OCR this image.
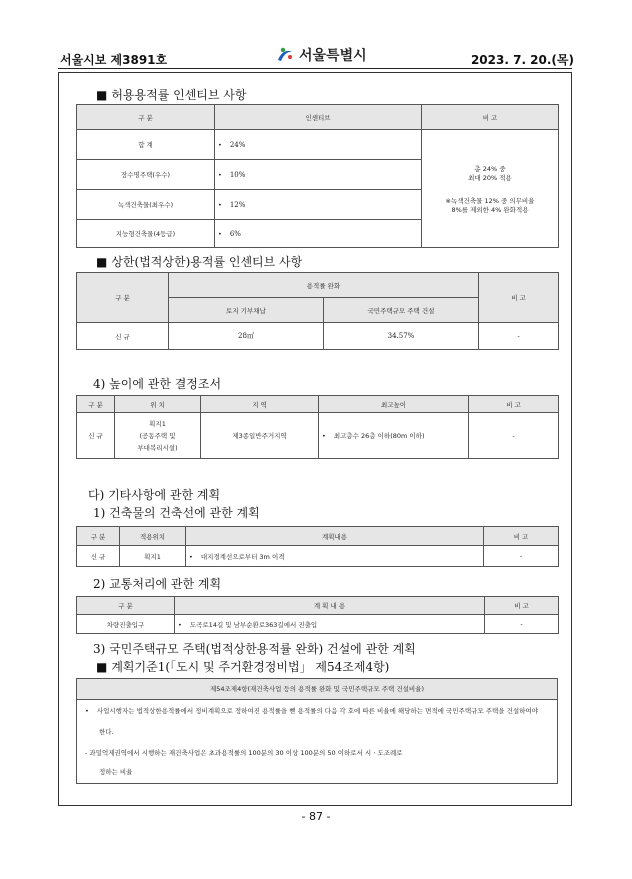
서울시보 제3891호	서울특별시	2023. 7. 20.(목)
■ 허용용적률 인센티브 사항
구 분	인센티브	비 고
합 계	• 24%	총 24% 중
최대 20% 적용
※녹색건축물 12% 중 의무비율
8%를 제외한 4% 완화적용

장수명주택(우수)	• 10%	
녹색건축물(최우수)	• 12%	
지능형건축물(4등급)	• 6%	
■ 상한(법적상한)용적률 인센티브 사항
구 분	용적률 완화		비 고
	토지 기부채납	국민주택규모 주택 건설	
신 규	28㎡	34.57%	-
4) 높이에 관한 결정조서
구 분	위 치	지 역	최고높이	비 고
신 규	획지1
(공동주택 및
부대복리시설)	제3종일반주거지역	• 최고층수 26층 이하(80m 이하)	-
다) 기타사항에 관한 계획
1) 건축물의 건축선에 관한 계획
구 분	적용위치	계획내용	비 고
신 규	획지1	• 대지경계선으로부터 3m 이격	-
2) 교통처리에 관한 계획
구 분	계 획 내 용	비 고
차량진출입구	• 도곡로14길 및 남부순환로363길에서 진출입	-
3) 국민주택규모 주택(법적상한용적률 완화) 건설에 관한 계획
■ 계획기준1(「도시 및 주거환경정비법」 제54조제4항)
제54조제4항(재건축사업 등의 용적률 완화 및 국민주택규모 주택 건설비율)
• 사업시행자는 법적상한용적률에서 정비계획으로 정하여진 용적률을 뺀 용적률의 다음 각 호에 따른 비율에 해당하는 면적에 국민주택규모 주택을 건설하여야
한다.
- 과밀억제권역에서 시행하는 재건축사업은 초과용적률의 100분의 30 이상 100분의 50 이하로서 시ㆍ도조례로
정하는 비율
- 87 -
